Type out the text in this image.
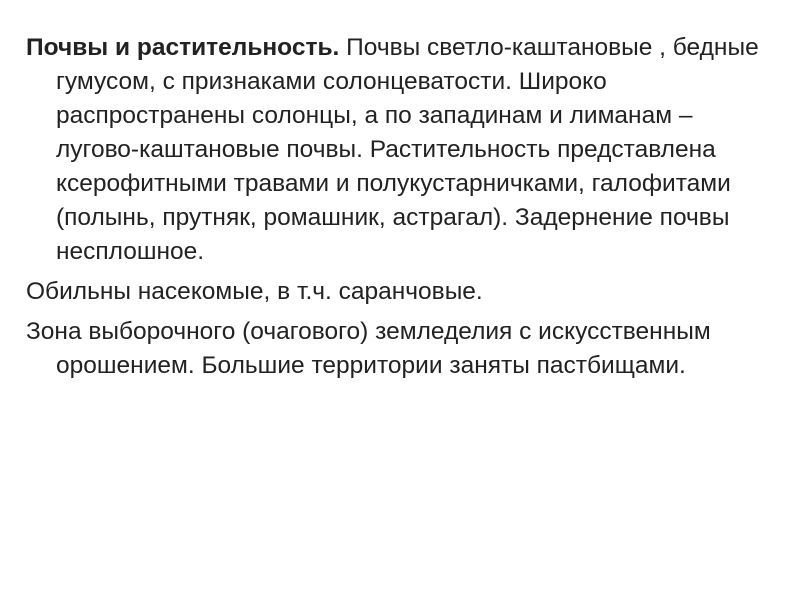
Почвы и растительность. Почвы светло-каштановые , бедные гумусом, с признаками солонцеватости. Широко распространены солонцы, а по западинам и лиманам – лугово-каштановые почвы. Растительность представлена ксерофитными травами и полукустарничками, галофитами (полынь, прутняк, ромашник, астрагал). Задернение почвы несплошное.

Обильны насекомые, в т.ч. саранчовые.

Зона выборочного (очагового) земледелия с искусственным орошением. Большие территории заняты пастбищами.
